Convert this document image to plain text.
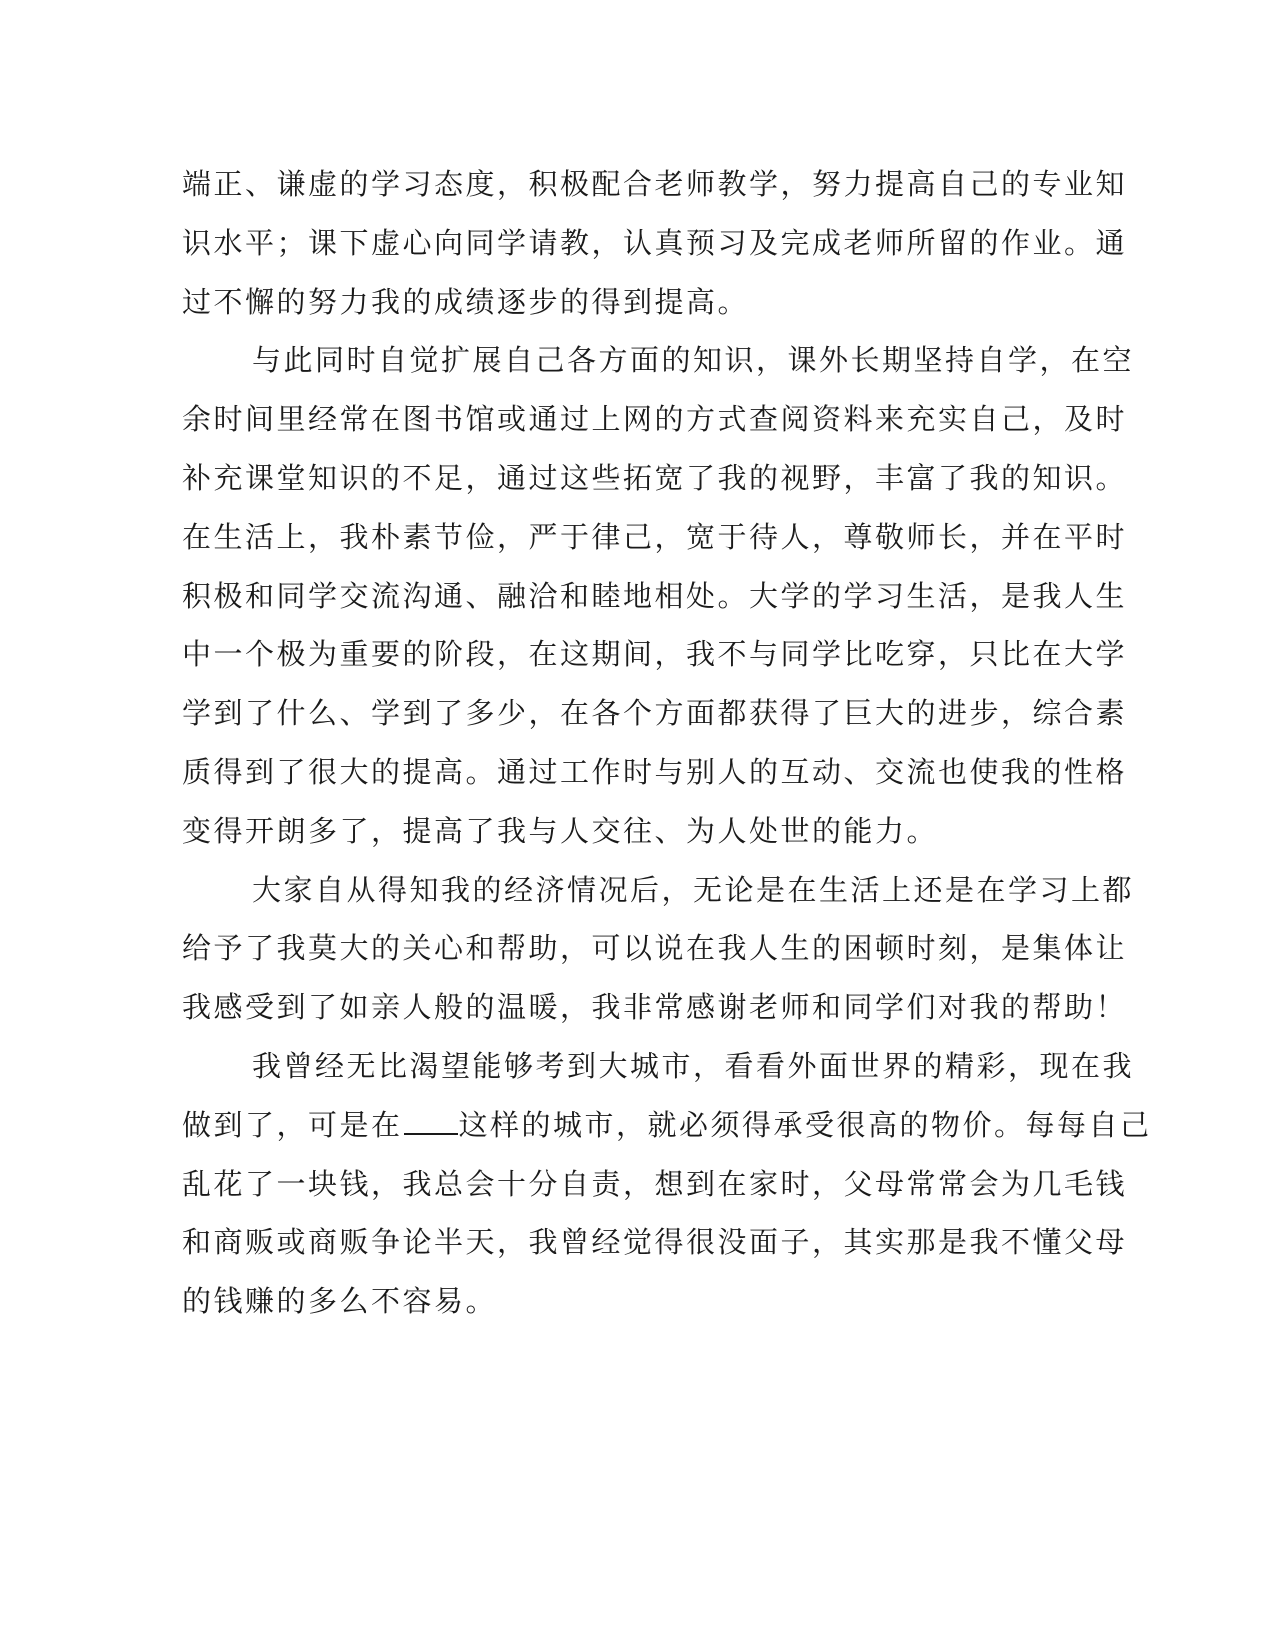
端正、谦虚的学习态度，积极配合老师教学，努力提高自己的专业知
识水平；课下虚心向同学请教，认真预习及完成老师所留的作业。通
过不懈的努力我的成绩逐步的得到提高。
与此同时自觉扩展自己各方面的知识，课外长期坚持自学，在空
余时间里经常在图书馆或通过上网的方式查阅资料来充实自己，及时
补充课堂知识的不足，通过这些拓宽了我的视野，丰富了我的知识。
在生活上，我朴素节俭，严于律己，宽于待人，尊敬师长，并在平时
积极和同学交流沟通、融洽和睦地相处。大学的学习生活，是我人生
中一个极为重要的阶段，在这期间，我不与同学比吃穿，只比在大学
学到了什么、学到了多少，在各个方面都获得了巨大的进步，综合素
质得到了很大的提高。通过工作时与别人的互动、交流也使我的性格
变得开朗多了，提高了我与人交往、为人处世的能力。
大家自从得知我的经济情况后，无论是在生活上还是在学习上都
给予了我莫大的关心和帮助，可以说在我人生的困顿时刻，是集体让
我感受到了如亲人般的温暖，我非常感谢老师和同学们对我的帮助！
我曾经无比渴望能够考到大城市，看看外面世界的精彩，现在我
做到了，可是在 这样的城市，就必须得承受很高的物价。每每自己
乱花了一块钱，我总会十分自责，想到在家时，父母常常会为几毛钱
和商贩或商贩争论半天，我曾经觉得很没面子，其实那是我不懂父母
的钱赚的多么不容易。
